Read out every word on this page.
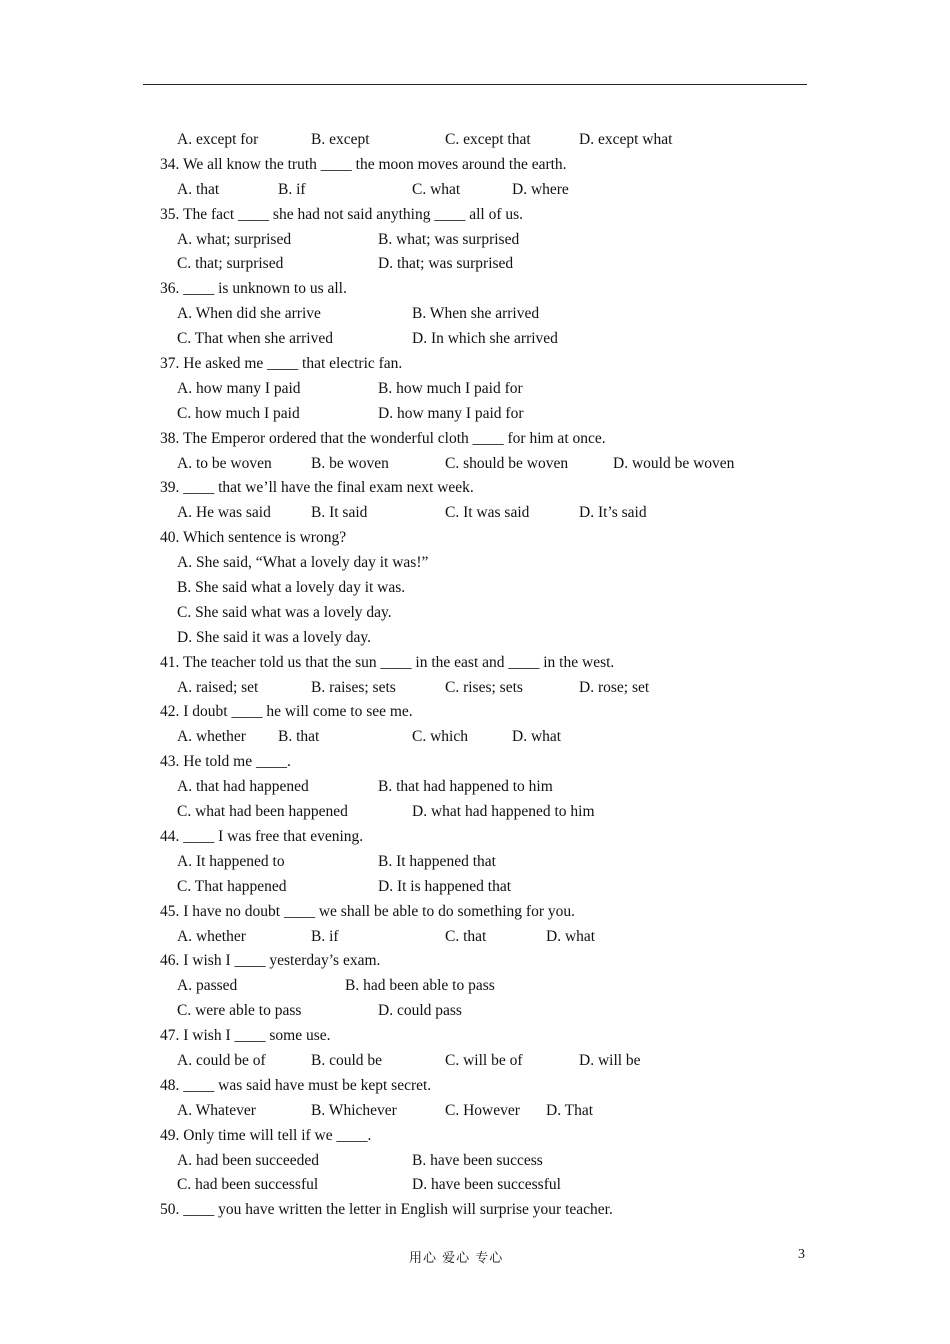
A. except for	B. except	C. except that	D. except what
34. We all know the truth ____ the moon moves around the earth.
A. that	B. if	C. what	D. where
35. The fact ____ she had not said anything ____ all of us.
A. what; surprised	B. what; was surprised
C. that; surprised	D. that; was surprised
36. ____ is unknown to us all.
A. When did she arrive	B. When she arrived
C. That when she arrived	D. In which she arrived
37. He asked me ____ that electric fan.
A. how many I paid	B. how much I paid for
C. how much I paid	D. how many I paid for
38. The Emperor ordered that the wonderful cloth ____ for him at once.
A. to be woven	B. be woven	C. should be woven	D. would be woven
39. ____ that we’ll have the final exam next week.
A. He was said	B. It said	C. It was said	D. It’s said
40. Which sentence is wrong?
A. She said, “What a lovely day it was!”
B. She said what a lovely day it was.
C. She said what was a lovely day.
D. She said it was a lovely day.
41. The teacher told us that the sun ____ in the east and ____ in the west.
A. raised; set	B. raises; sets	C. rises; sets	D. rose; set
42. I doubt ____ he will come to see me.
A. whether B. that	C. which	D. what
43. He told me ____.
A. that had happened	B. that had happened to him
C. what had been happened	D. what had happened to him
44. ____ I was free that evening.
A. It happened to	B. It happened that
C. That happened	D. It is happened that
45. I have no doubt ____ we shall be able to do something for you.
A. whether	B. if	C. that	D. what
46. I wish I ____ yesterday’s exam.
A. passed	B. had been able to pass
C. were able to pass	D. could pass
47. I wish I ____ some use.
A. could be of	B. could be	C. will be of	D. will be
48. ____ was said have must be kept secret.
A. Whatever	B. Whichever	C. However D. That
49. Only time will tell if we ____.
A. had been succeeded	B. have been success
C. had been successful	D. have been successful
50. ____ you have written the letter in English will surprise your teacher.
用心 爱心 专心	3
